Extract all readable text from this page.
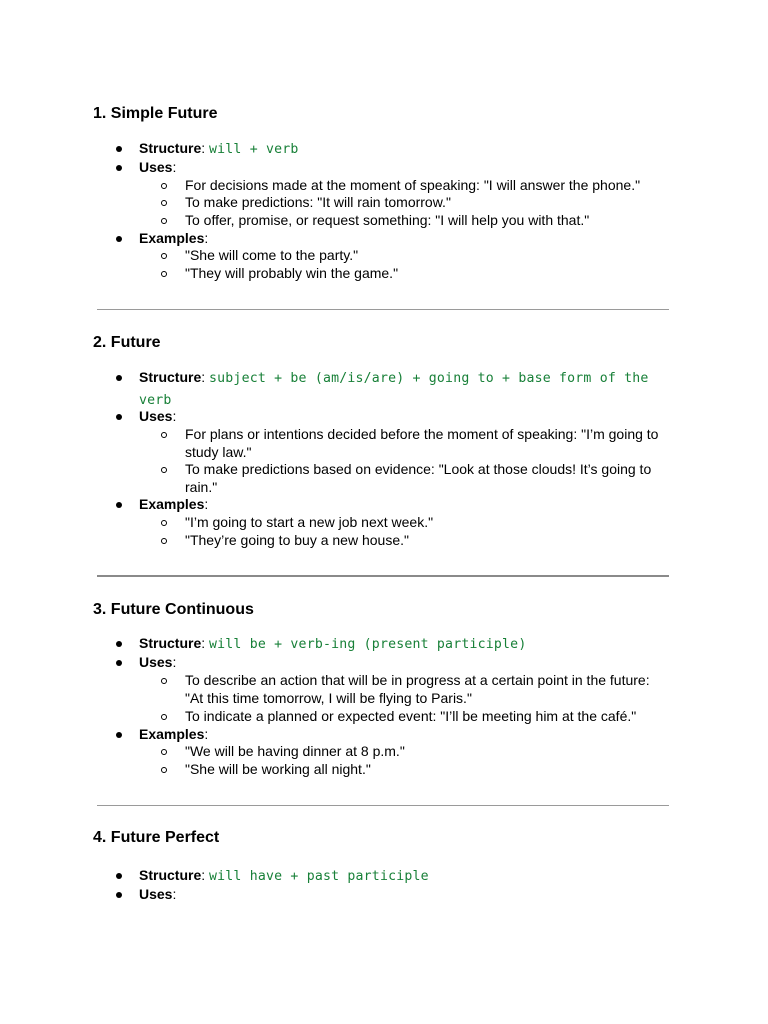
1. Simple Future
Structure: will + verb
Uses:
For decisions made at the moment of speaking: "I will answer the phone."
To make predictions: "It will rain tomorrow."
To offer, promise, or request something: "I will help you with that."
Examples:
"She will come to the party."
"They will probably win the game."
2. Future
Structure: subject + be (am/is/are) + going to + base form of the verb
Uses:
For plans or intentions decided before the moment of speaking: "I’m going to study law."
To make predictions based on evidence: "Look at those clouds! It’s going to rain."
Examples:
"I’m going to start a new job next week."
"They’re going to buy a new house."
3. Future Continuous
Structure: will be + verb-ing (present participle)
Uses:
To describe an action that will be in progress at a certain point in the future: "At this time tomorrow, I will be flying to Paris."
To indicate a planned or expected event: "I’ll be meeting him at the café."
Examples:
"We will be having dinner at 8 p.m."
"She will be working all night."
4. Future Perfect
Structure: will have + past participle
Uses:
